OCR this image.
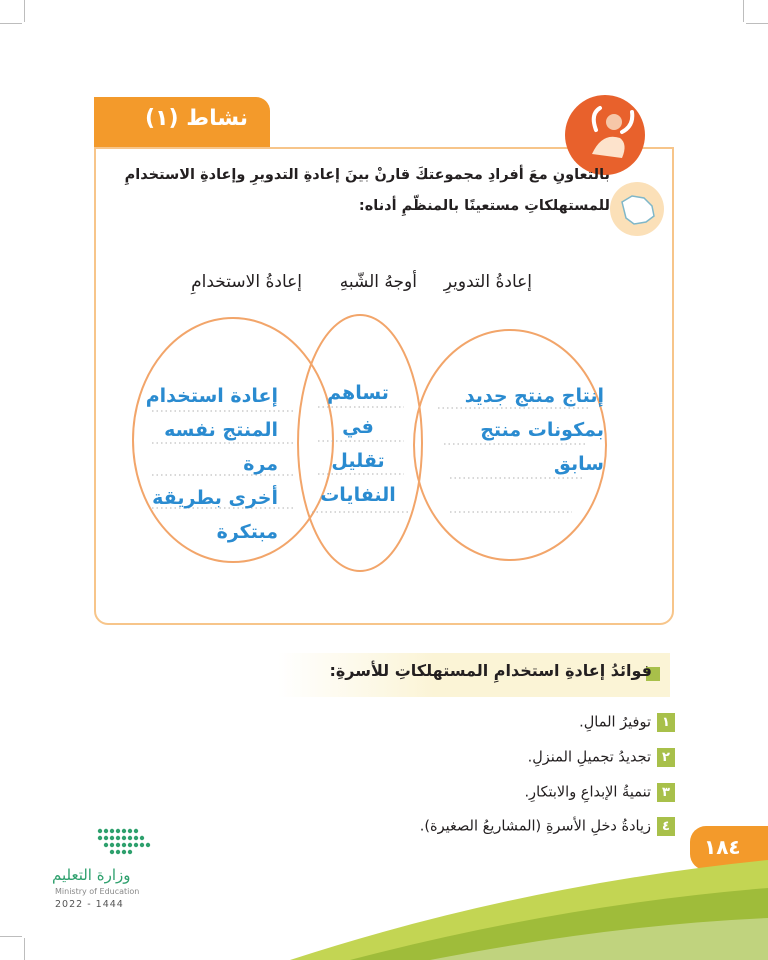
نشاط (١)
بالتعاونِ معَ أفرادِ مجموعتكَ قارنْ بينَ إعادةِ التدويرِ وإعادةِ الاستخدامِ
للمستهلكاتِ مستعينًا بالمنظّمِ أدناه:
إعادةُ التدويرِ
أوجهُ الشّبهِ
إعادةُ الاستخدامِ
إعادة استخدام
المنتج نفسه مرة
أخرى بطريقة
مبتكرة
تساهم في
تقليل
النفايات
إنتاج منتج جديد
بمكونات منتج
سابق
فوائدُ إعادةِ استخدامِ المستهلكاتِ للأسرةِ:
١توفيرُ المالِ.
٢تجديدُ تجميلِ المنزلِ.
٣تنميةُ الإبداعِ والابتكارِ.
٤زيادةُ دخلِ الأسرةِ (المشاريعُ الصغيرة).
١٨٤
وزارة التعليم
Ministry of Education
2022 - 1444
